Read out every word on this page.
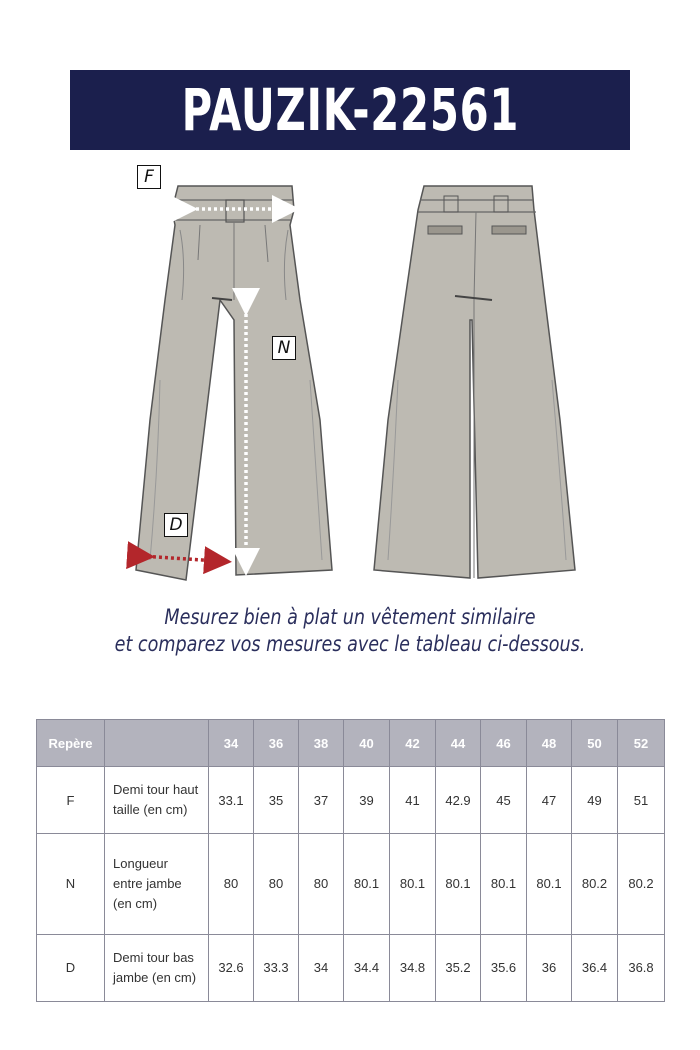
PAUZIK-22561
F
N
D
Mesurez bien à plat un vêtement similaire
et comparez vos mesures avec le tableau ci-dessous.
Repère		34	36	38	40	42	44	46	48	50	52
F	Demi tour haut taille (en cm)	33.1	35	37	39	41	42.9	45	47	49	51
N	Longueur entre jambe (en cm)	80	80	80	80.1	80.1	80.1	80.1	80.1	80.2	80.2
D	Demi tour bas jambe (en cm)	32.6	33.3	34	34.4	34.8	35.2	35.6	36	36.4	36.8
